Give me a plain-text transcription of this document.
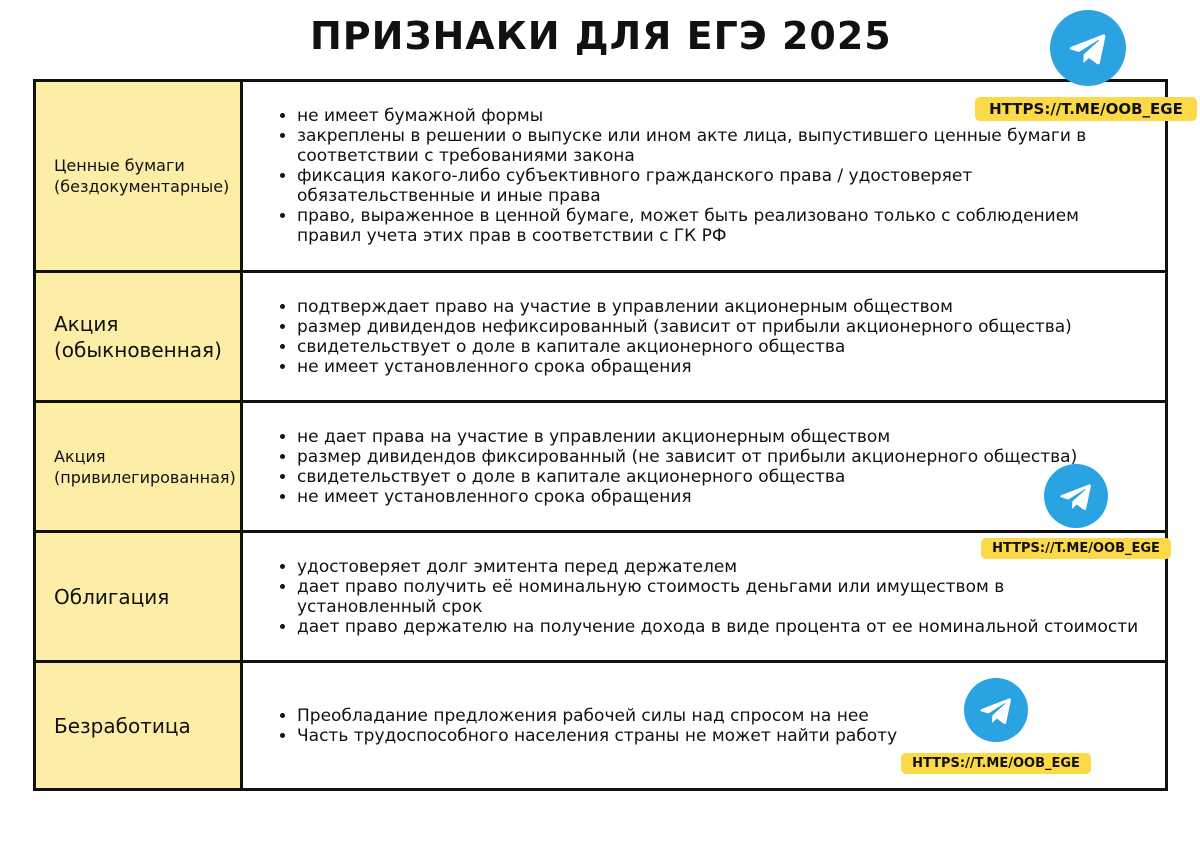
ПРИЗНАКИ ДЛЯ ЕГЭ 2025
Ценные бумаги (бездокументарные)
• не имеет бумажной формы
• закреплены в решении о выпуске или ином акте лица, выпустившего ценные бумаги в соответствии с требованиями закона
• фиксация какого-либо субъективного гражданского права / удостоверяет обязательственные и иные права
• право, выраженное в ценной бумаге, может быть реализовано только с соблюдением правил учета этих прав в соответствии с ГК РФ
Акция (обыкновенная)
• подтверждает право на участие в управлении акционерным обществом
• размер дивидендов нефиксированный (зависит от прибыли акционерного общества)
• свидетельствует о доле в капитале акционерного общества
• не имеет установленного срока обращения
Акция (привилегированная)
• не дает права на участие в управлении акционерным обществом
• размер дивидендов фиксированный (не зависит от прибыли акционерного общества)
• свидетельствует о доле в капитале акционерного общества
• не имеет установленного срока обращения
Облигация
• удостоверяет долг эмитента перед держателем
• дает право получить её номинальную стоимость деньгами или имуществом в установленный срок
• дает право держателю на получение дохода в виде процента от ее номинальной стоимости
Безработица
•	Преобладание предложения рабочей силы над спросом на нее
• Часть трудоспособного населения страны не может найти работу
HTTPS://T.ME/OOB_EGE
HTTPS://T.ME/OOB_EGE
HTTPS://T.ME/OOB_EGE
